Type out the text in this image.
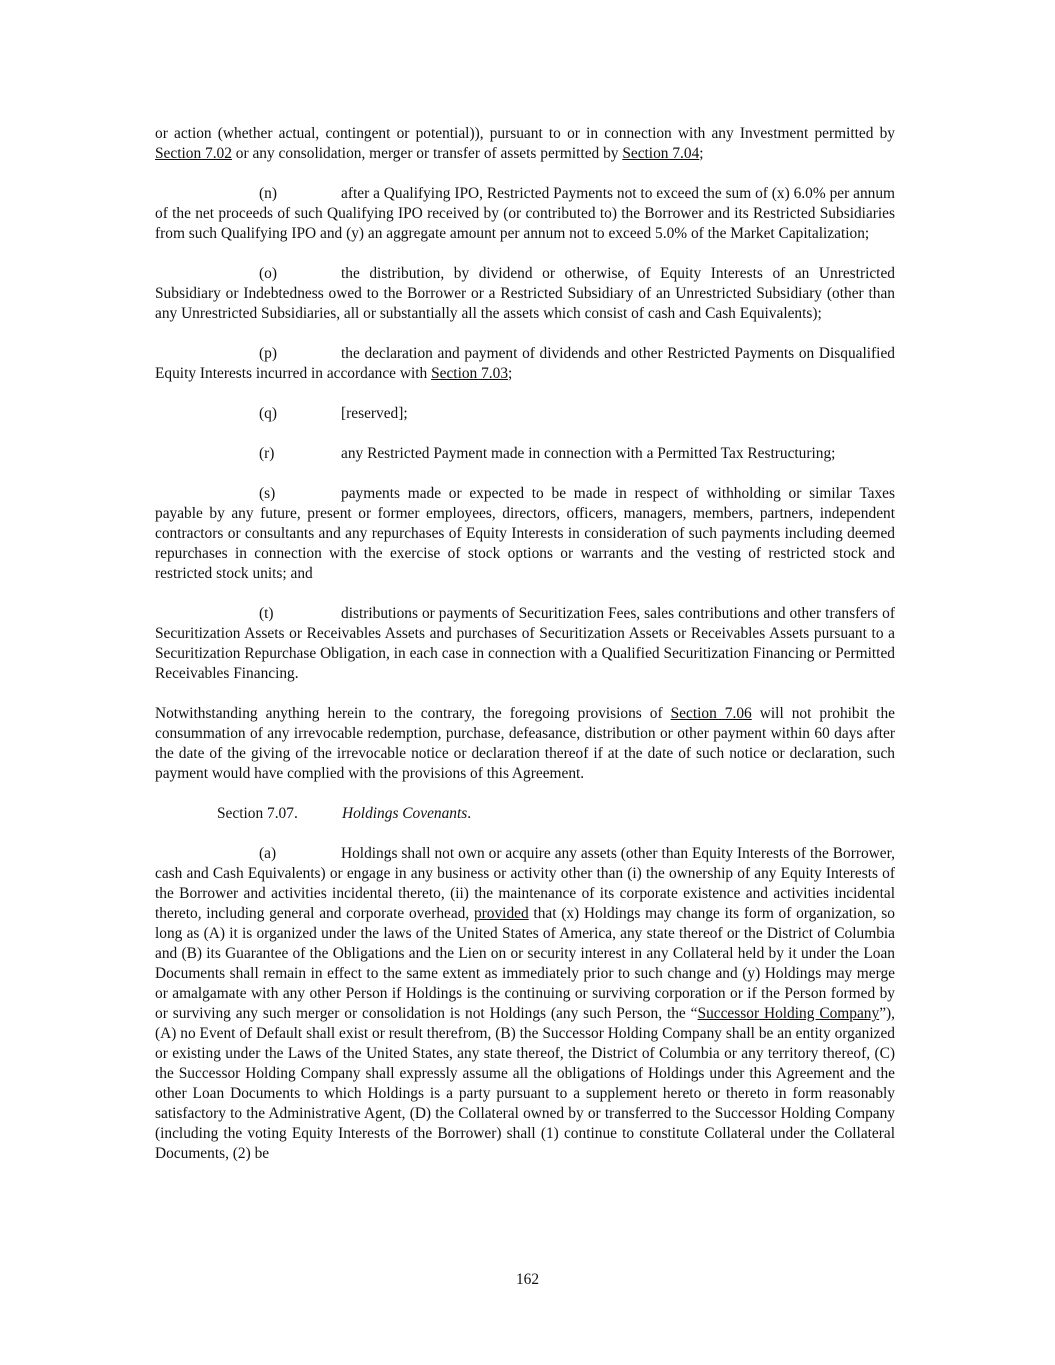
or action (whether actual, contingent or potential)), pursuant to or in connection with any Investment permitted by Section 7.02 or any consolidation, merger or transfer of assets permitted by Section 7.04;

(n)	after a Qualifying IPO, Restricted Payments not to exceed the sum of (x) 6.0% per annum of the net proceeds of such Qualifying IPO received by (or contributed to) the Borrower and its Restricted Subsidiaries from such Qualifying IPO and (y) an aggregate amount per annum not to exceed 5.0% of the Market Capitalization;

(o)	the distribution, by dividend or otherwise, of Equity Interests of an Unrestricted Subsidiary or Indebtedness owed to the Borrower or a Restricted Subsidiary of an Unrestricted Subsidiary (other than any Unrestricted Subsidiaries, all or substantially all the assets which consist of cash and Cash Equivalents);

(p)	the declaration and payment of dividends and other Restricted Payments on Disqualified Equity Interests incurred in accordance with Section 7.03;

(q)	[reserved];

(r)	any Restricted Payment made in connection with a Permitted Tax Restructuring;

(s)	payments made or expected to be made in respect of withholding or similar Taxes payable by any future, present or former employees, directors, officers, managers, members, partners, independent contractors or consultants and any repurchases of Equity Interests in consideration of such payments including deemed repurchases in connection with the exercise of stock options or warrants and the vesting of restricted stock and restricted stock units; and

(t)	distributions or payments of Securitization Fees, sales contributions and other transfers of Securitization Assets or Receivables Assets and purchases of Securitization Assets or Receivables Assets pursuant to a Securitization Repurchase Obligation, in each case in connection with a Qualified Securitization Financing or Permitted Receivables Financing.

Notwithstanding anything herein to the contrary, the foregoing provisions of Section 7.06 will not prohibit the consummation of any irrevocable redemption, purchase, defeasance, distribution or other payment within 60 days after the date of the giving of the irrevocable notice or declaration thereof if at the date of such notice or declaration, such payment would have complied with the provisions of this Agreement.

Section 7.07.	Holdings Covenants.

(a)	Holdings shall not own or acquire any assets (other than Equity Interests of the Borrower, cash and Cash Equivalents) or engage in any business or activity other than (i) the ownership of any Equity Interests of the Borrower and activities incidental thereto, (ii) the maintenance of its corporate existence and activities incidental thereto, including general and corporate overhead, provided that (x) Holdings may change its form of organization, so long as (A) it is organized under the laws of the United States of America, any state thereof or the District of Columbia and (B) its Guarantee of the Obligations and the Lien on or security interest in any Collateral held by it under the Loan Documents shall remain in effect to the same extent as immediately prior to such change and (y) Holdings may merge or amalgamate with any other Person if Holdings is the continuing or surviving corporation or if the Person formed by or surviving any such merger or consolidation is not Holdings (any such Person, the “Successor Holding Company”), (A) no Event of Default shall exist or result therefrom, (B) the Successor Holding Company shall be an entity organized or existing under the Laws of the United States, any state thereof, the District of Columbia or any territory thereof, (C) the Successor Holding Company shall expressly assume all the obligations of Holdings under this Agreement and the other Loan Documents to which Holdings is a party pursuant to a supplement hereto or thereto in form reasonably satisfactory to the Administrative Agent, (D) the Collateral owned by or transferred to the Successor Holding Company (including the voting Equity Interests of the Borrower) shall (1) continue to constitute Collateral under the Collateral Documents, (2) be

162
